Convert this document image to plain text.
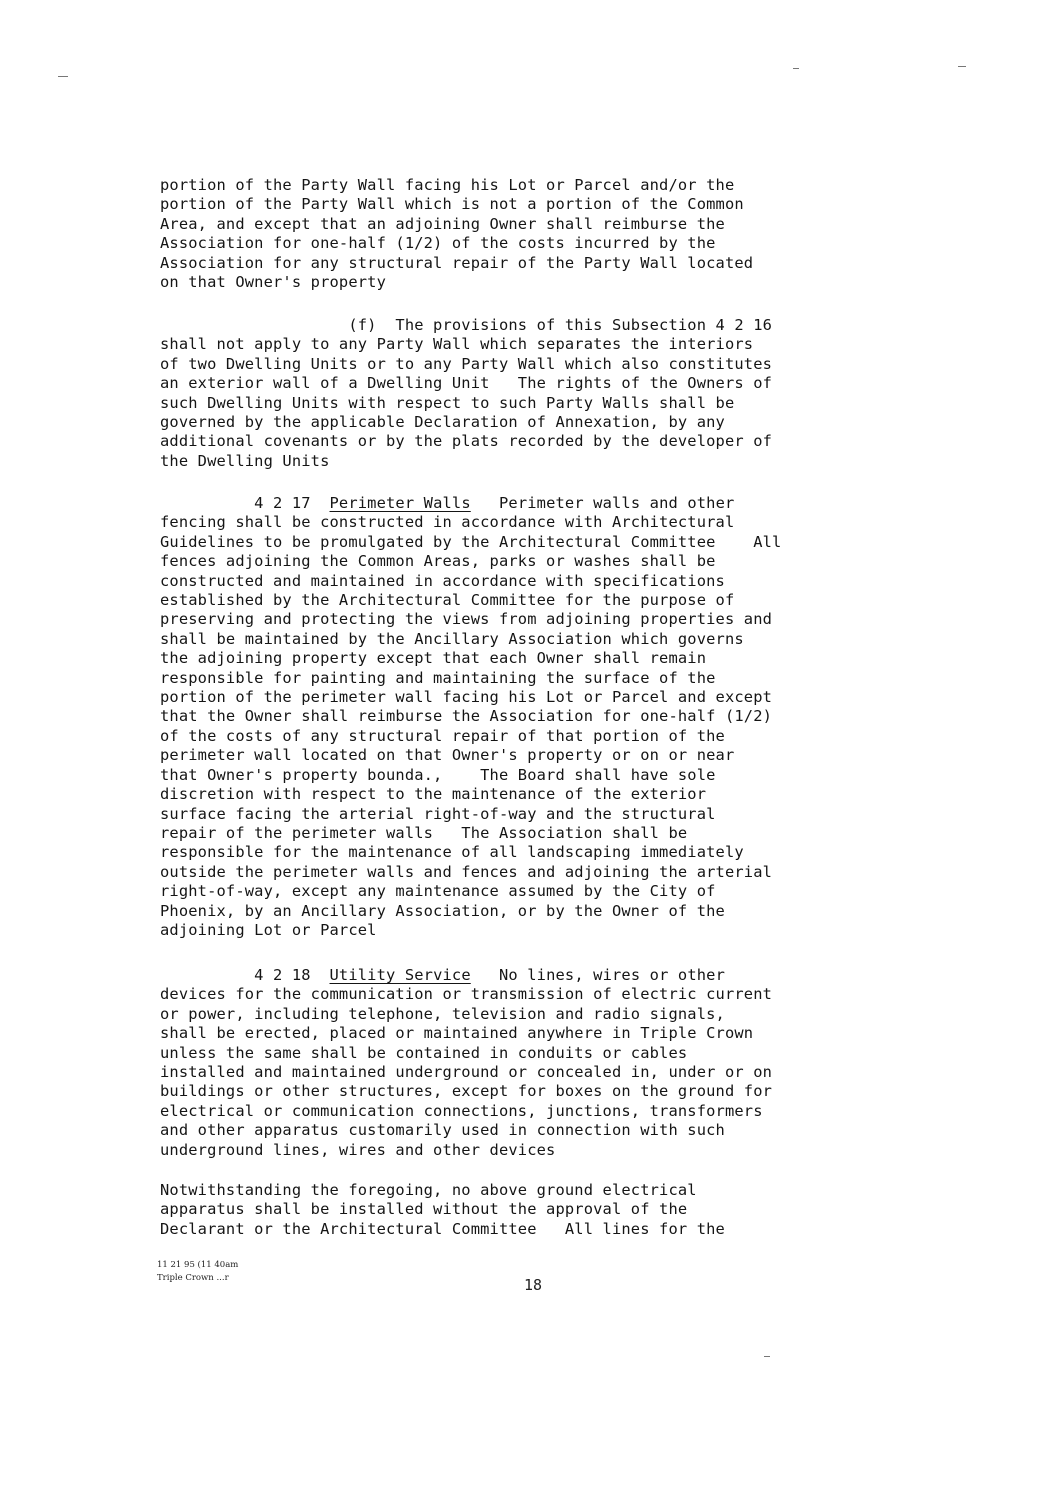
portion of the Party Wall facing his Lot or Parcel and/or the
portion of the Party Wall which is not a portion of the Common
Area, and except that an adjoining Owner shall reimburse the
Association for one-half (1/2) of the costs incurred by the
Association for any structural repair of the Party Wall located
on that Owner's property
(f)  The provisions of this Subsection 4 2 16
shall not apply to any Party Wall which separates the interiors
of two Dwelling Units or to any Party Wall which also constitutes
an exterior wall of a Dwelling Unit   The rights of the Owners of
such Dwelling Units with respect to such Party Walls shall be
governed by the applicable Declaration of Annexation, by any
additional covenants or by the plats recorded by the developer of
the Dwelling Units
4 2 17  Perimeter Walls   Perimeter walls and other
fencing shall be constructed in accordance with Architectural
Guidelines to be promulgated by the Architectural Committee    All
fences adjoining the Common Areas, parks or washes shall be
constructed and maintained in accordance with specifications
established by the Architectural Committee for the purpose of
preserving and protecting the views from adjoining properties and
shall be maintained by the Ancillary Association which governs
the adjoining property except that each Owner shall remain
responsible for painting and maintaining the surface of the
portion of the perimeter wall facing his Lot or Parcel and except
that the Owner shall reimburse the Association for one-half (1/2)
of the costs of any structural repair of that portion of the
perimeter wall located on that Owner's property or on or near
that Owner's property bounda.,    The Board shall have sole
discretion with respect to the maintenance of the exterior
surface facing the arterial right-of-way and the structural
repair of the perimeter walls   The Association shall be
responsible for the maintenance of all landscaping immediately
outside the perimeter walls and fences and adjoining the arterial
right-of-way, except any maintenance assumed by the City of
Phoenix, by an Ancillary Association, or by the Owner of the
adjoining Lot or Parcel
4 2 18  Utility Service   No lines, wires or other
devices for the communication or transmission of electric current
or power, including telephone, television and radio signals,
shall be erected, placed or maintained anywhere in Triple Crown
unless the same shall be contained in conduits or cables
installed and maintained underground or concealed in, under or on
buildings or other structures, except for boxes on the ground for
electrical or communication connections, junctions, transformers
and other apparatus customarily used in connection with such
underground lines, wires and other devices
Notwithstanding the foregoing, no above ground electrical
apparatus shall be installed without the approval of the
Declarant or the Architectural Committee   All lines for the
11 21 95 (11 40am
Triple Crown ...r	18
